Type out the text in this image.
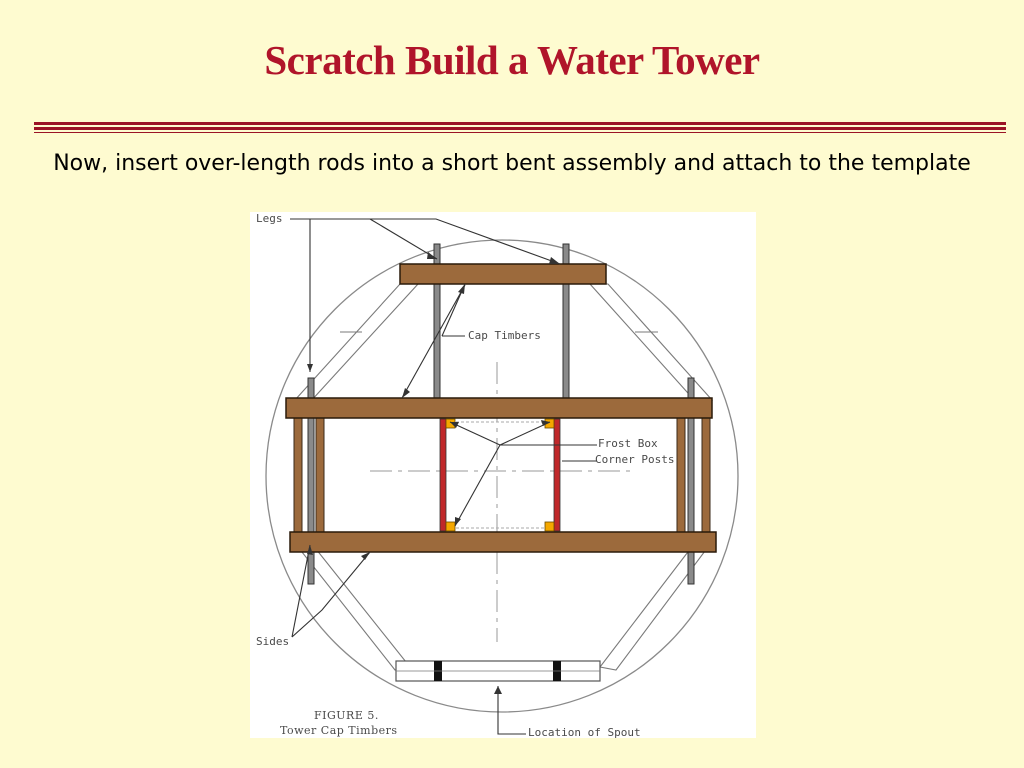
Scratch Build a Water Tower
Now, insert over-length rods into a short bent assembly and attach to the template
Legs
Cap Timbers
Frost Box
Corner Posts
Sides
FIGURE 5.
Tower Cap Timbers	Location of Spout
